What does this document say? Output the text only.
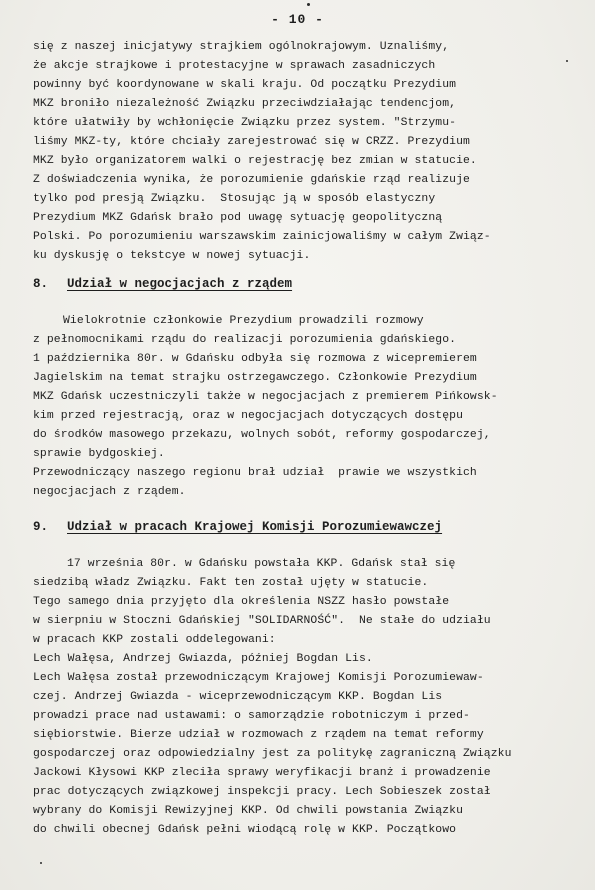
- 10 -
się z naszej inicjatywy strajkiem ogólnokrajowym. Uznaliśmy,
że akcje strajkowe i protestacyjne w sprawach zasadniczych
powinny być koordynowane w skali kraju. Od początku Prezydium
MKZ broniło niezależność Związku przeciwdziałając tendencjom,
które ułatwiły by wchłonięcie Związku przez system. "Strzymu-
liśmy MKZ-ty, które chciały zarejestrować się w CRZZ. Prezydium
MKZ było organizatorem walki o rejestrację bez zmian w statucie.
Z doświadczenia wynika, że porozumienie gdańskie rząd realizuje
tylko pod presją Związku.  Stosując ją w sposób elastyczny
Prezydium MKZ Gdańsk brało pod uwagę sytuację geopolityczną
Polski. Po porozumieniu warszawskim zainicjowaliśmy w całym Związ-
ku dyskusję o tekstcye w nowej sytuacji.
8.	Udział w negocjacjach z rządem
Wielokrotnie członkowie Prezydium prowadzili rozmowy
z pełnomocnikami rządu do realizacji porozumienia gdańskiego.
1 października 80r. w Gdańsku odbyła się rozmowa z wicepremierem
Jagielskim na temat strajku ostrzegawczego. Członkowie Prezydium
MKZ Gdańsk uczestniczyli także w negocjacjach z premierem Pińkowsk-
kim przed rejestracją, oraz w negocjacjach dotyczących dostępu
do środków masowego przekazu, wolnych sobót, reformy gospodarczej,
sprawie bydgoskiej.
Przewodniczący naszego regionu brał udział  prawie we wszystkich
negocjacjach z rządem.
9.	Udział w pracach Krajowej Komisji Porozumiewawczej
17 września 80r. w Gdańsku powstała KKP. Gdańsk stał się
siedzibą władz Związku. Fakt ten został ujęty w statucie.
Tego samego dnia przyjęto dla określenia NSZZ hasło powstałe
w sierpniu w Stoczni Gdańskiej "SOLIDARNOŚĆ".  Ne stałe do udziału
w pracach KKP zostali oddelegowani:
Lech Wałęsa, Andrzej Gwiazda, później Bogdan Lis.
Lech Wałęsa został przewodniczącym Krajowej Komisji Porozumiewaw-
czej. Andrzej Gwiazda - wiceprzewodniczącym KKP. Bogdan Lis
prowadzi prace nad ustawami: o samorządzie robotniczym i przed-
siębiorstwie. Bierze udział w rozmowach z rządem na temat reformy
gospodarczej oraz odpowiedzialny jest za politykę zagraniczną Związku
Jackowi Kłysowi KKP zleciła sprawy weryfikacji branż i prowadzenie
prac dotyczących związkowej inspekcji pracy. Lech Sobieszek został
wybrany do Komisji Rewizyjnej KKP. Od chwili powstania Związku
do chwili obecnej Gdańsk pełni wiodącą rolę w KKP. Początkowo
